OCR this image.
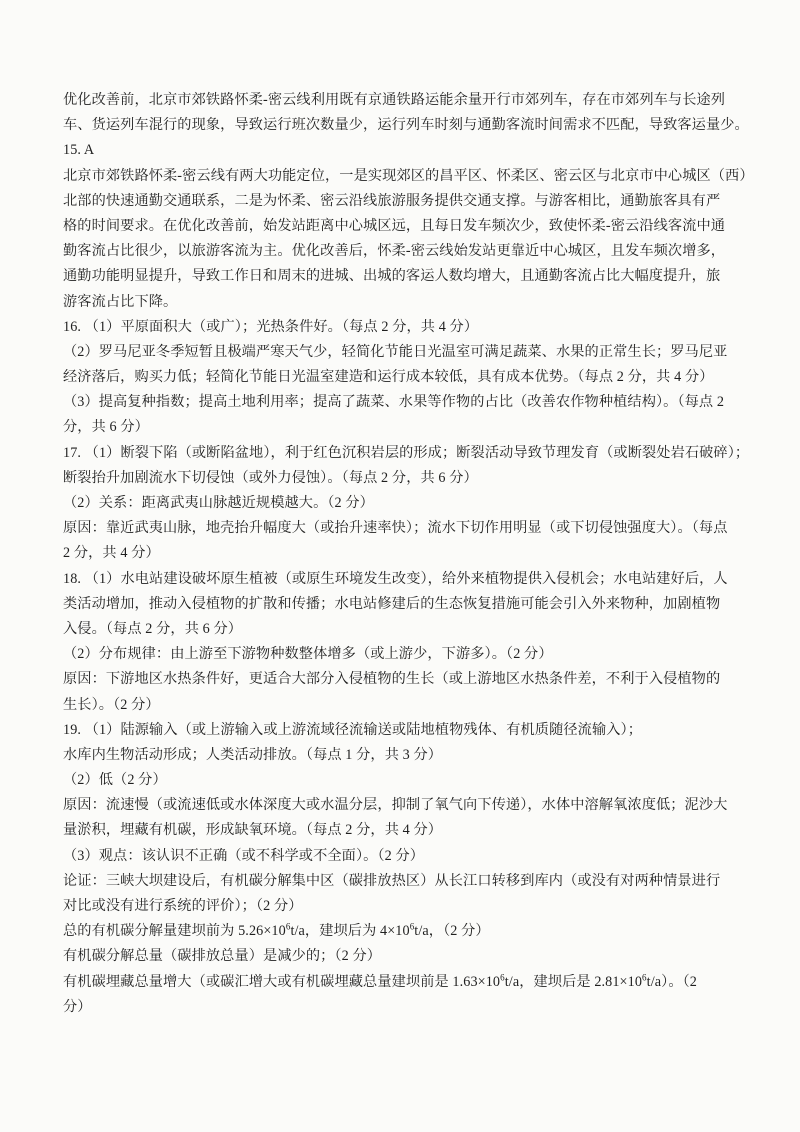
优化改善前，北京市郊铁路怀柔-密云线利用既有京通铁路运能余量开行市郊列车，存在市郊列车与长途列

车、货运列车混行的现象，导致运行班次数量少，运行列车时刻与通勤客流时间需求不匹配，导致客运量少。

15. A

北京市郊铁路怀柔-密云线有两大功能定位，一是实现郊区的昌平区、怀柔区、密云区与北京市中心城区（西）

北部的快速通勤交通联系，二是为怀柔、密云沿线旅游服务提供交通支撑。与游客相比，通勤旅客具有严

格的时间要求。在优化改善前，始发站距离中心城区远，且每日发车频次少，致使怀柔-密云沿线客流中通

勤客流占比很少，以旅游客流为主。优化改善后，怀柔-密云线始发站更靠近中心城区，且发车频次增多，

通勤功能明显提升，导致工作日和周末的进城、出城的客运人数均增大，且通勤客流占比大幅度提升，旅

游客流占比下降。

16. （1）平原面积大（或广）；光热条件好。（每点 2 分，共 4 分）

（2）罗马尼亚冬季短暂且极端严寒天气少，轻简化节能日光温室可满足蔬菜、水果的正常生长；罗马尼亚

经济落后，购买力低；轻简化节能日光温室建造和运行成本较低，具有成本优势。（每点 2 分，共 4 分）

（3）提高复种指数；提高土地利用率；提高了蔬菜、水果等作物的占比（改善农作物种植结构）。（每点 2

分，共 6 分）

17. （1）断裂下陷（或断陷盆地），利于红色沉积岩层的形成；断裂活动导致节理发育（或断裂处岩石破碎）；

断裂抬升加剧流水下切侵蚀（或外力侵蚀）。（每点 2 分，共 6 分）

（2）关系：距离武夷山脉越近规模越大。（2 分）

原因：靠近武夷山脉，地壳抬升幅度大（或抬升速率快）；流水下切作用明显（或下切侵蚀强度大）。（每点

2 分，共 4 分）

18. （1）水电站建设破坏原生植被（或原生环境发生改变），给外来植物提供入侵机会；水电站建好后，人

类活动增加，推动入侵植物的扩散和传播；水电站修建后的生态恢复措施可能会引入外来物种，加剧植物

入侵。（每点 2 分，共 6 分）

（2）分布规律：由上游至下游物种数整体增多（或上游少，下游多）。（2 分）

原因：下游地区水热条件好，更适合大部分入侵植物的生长（或上游地区水热条件差，不利于入侵植物的

生长）。（2 分）

19. （1）陆源输入（或上游输入或上游流域径流输送或陆地植物残体、有机质随径流输入）；

水库内生物活动形成；人类活动排放。（每点 1 分，共 3 分）

（2）低（2 分）

原因：流速慢（或流速低或水体深度大或水温分层，抑制了氧气向下传递），水体中溶解氧浓度低；泥沙大

量淤积，埋藏有机碳，形成缺氧环境。（每点 2 分，共 4 分）

（3）观点：该认识不正确（或不科学或不全面）。（2 分）

论证：三峡大坝建设后，有机碳分解集中区（碳排放热区）从长江口转移到库内（或没有对两种情景进行

对比或没有进行系统的评价）；（2 分）

总的有机碳分解量建坝前为 $5.26\times 10^6t/a$，建坝后为 $4\times 10^6t/a$，（2 分）

有机碳分解总量（碳排放总量）是减少的；（2 分）

有机碳埋藏总量增大（或碳汇增大或有机碳埋藏总量建坝前是 $1.63\times 10^6t/a$，建坝后是 $2.81\times 10^6t/a$）。（2

分）
